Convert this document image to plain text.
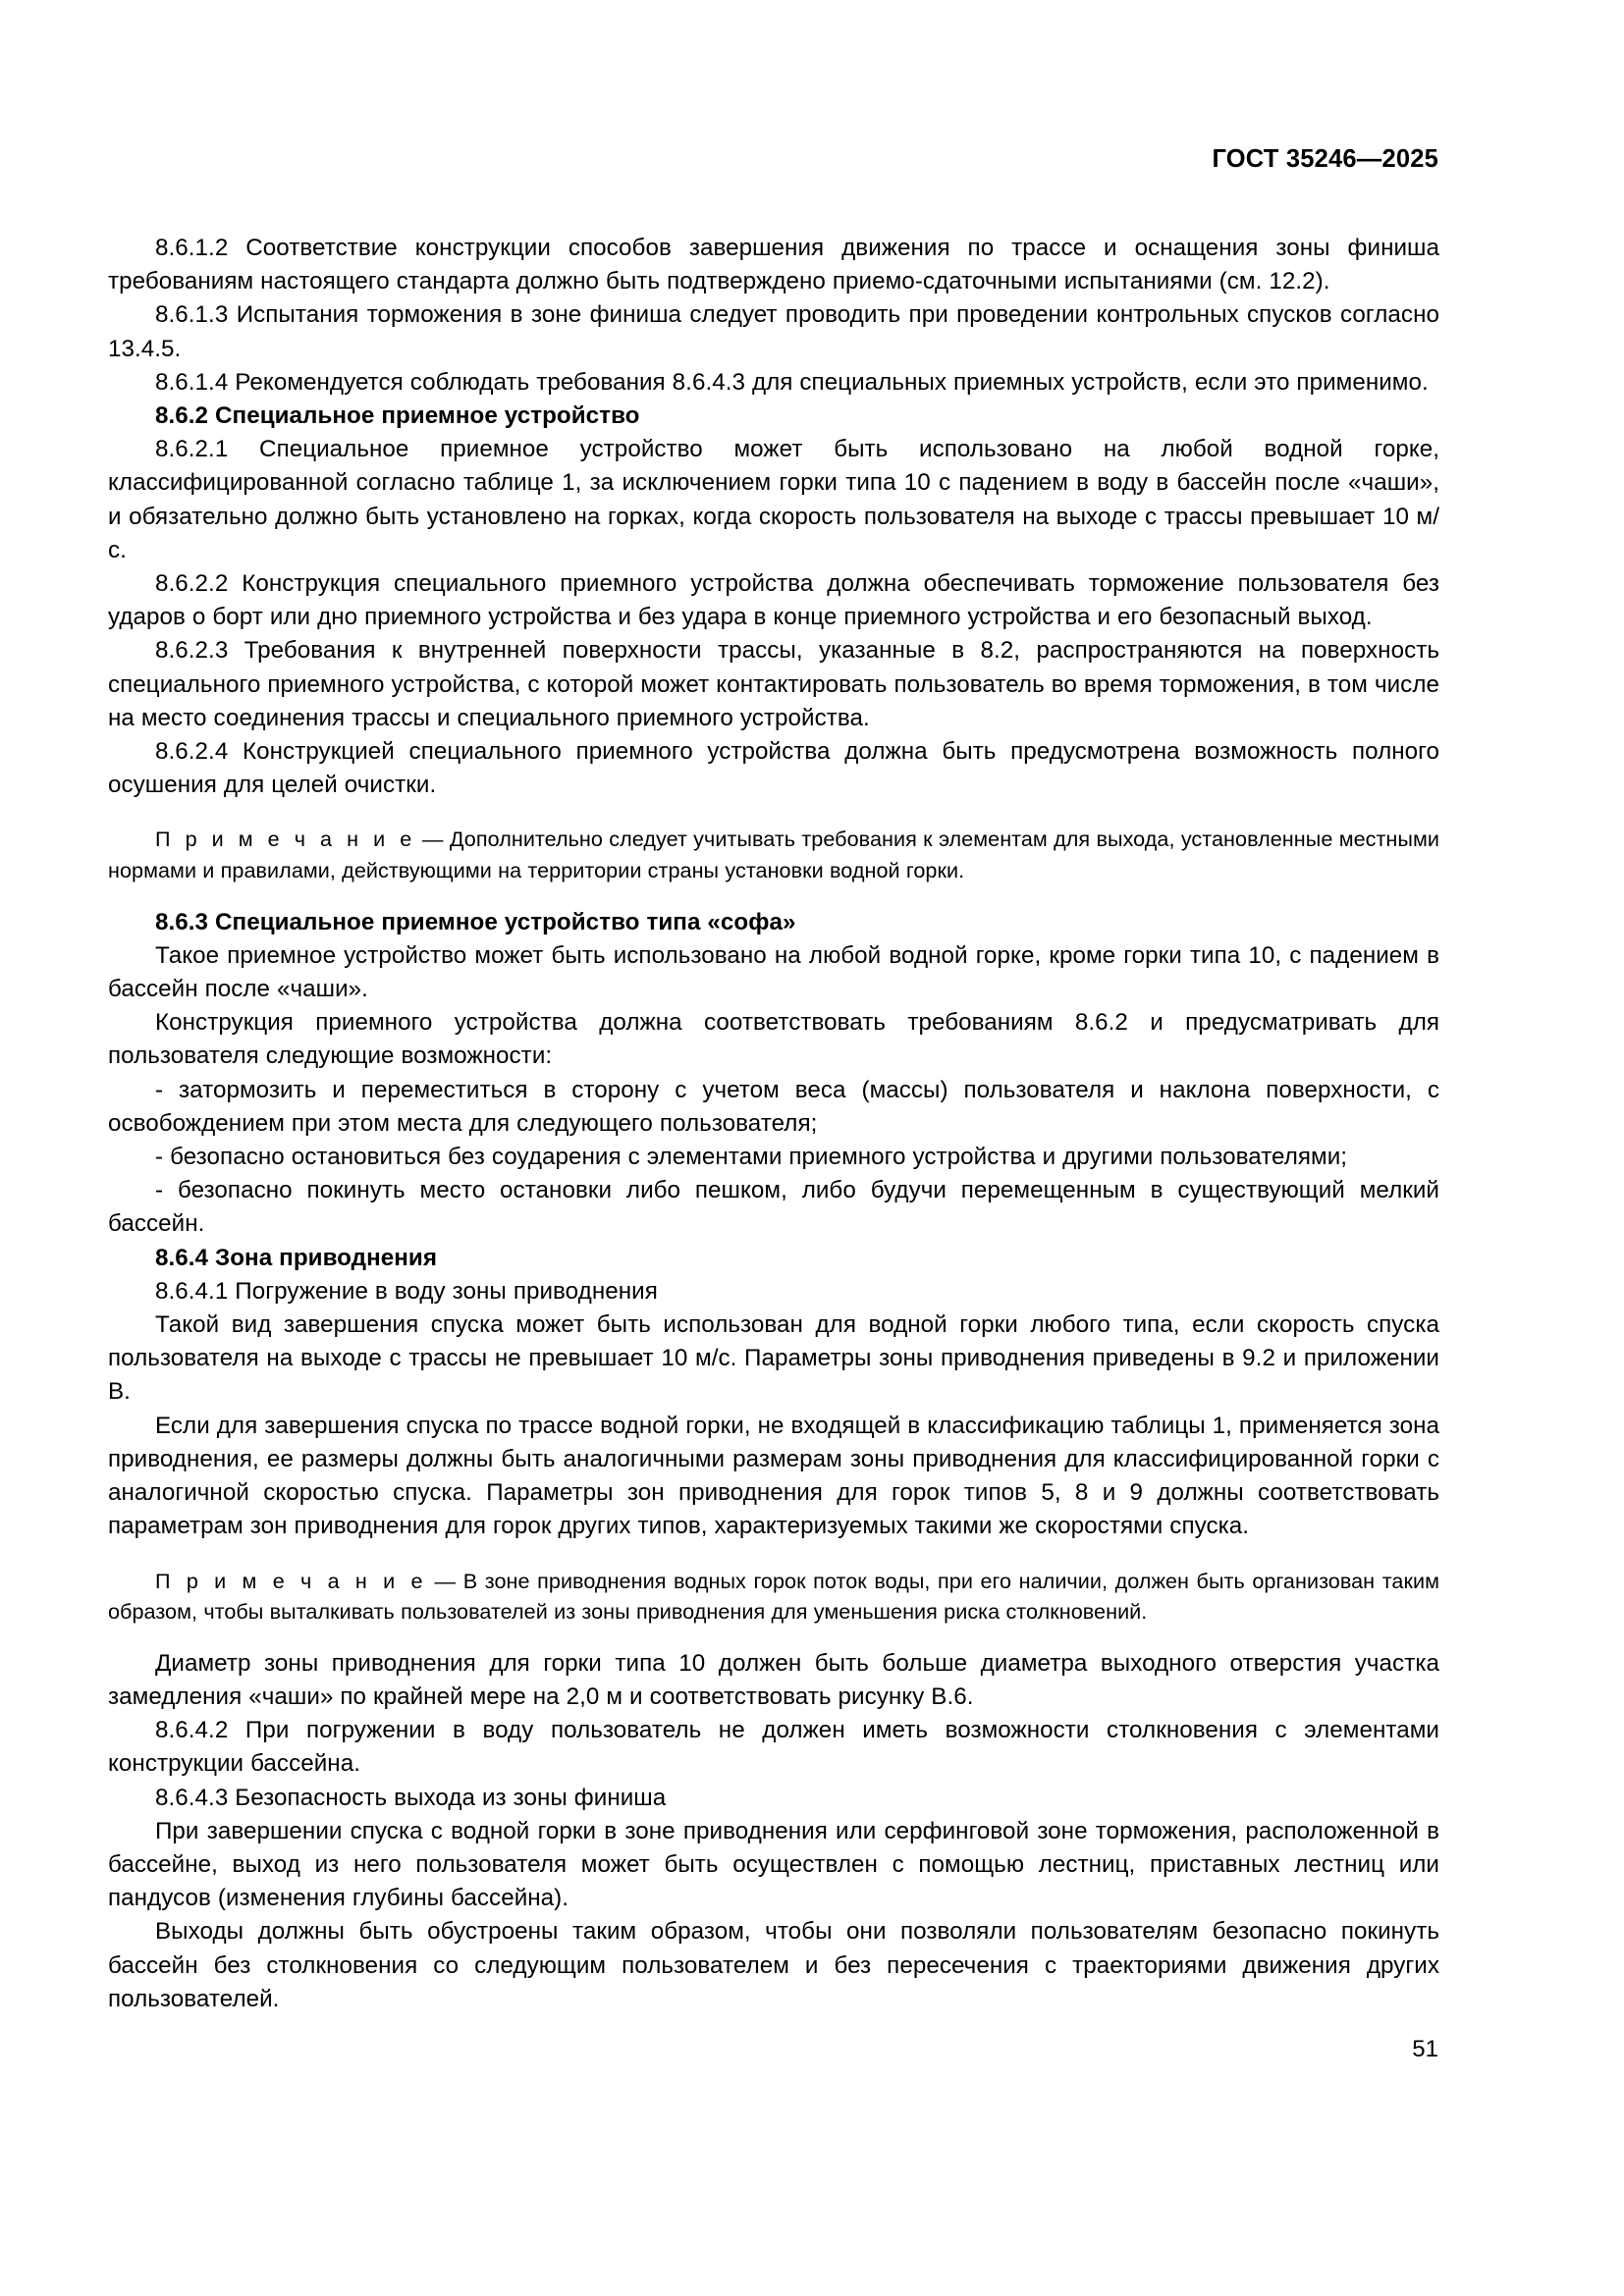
ГОСТ 35246—2025

8.6.1.2 Соответствие конструкции способов завершения движения по трассе и оснащения зоны финиша требованиям настоящего стандарта должно быть подтверждено приемо-сдаточными испытаниями (см. 12.2).

8.6.1.3 Испытания торможения в зоне финиша следует проводить при проведении контрольных спусков согласно 13.4.5.

8.6.1.4 Рекомендуется соблюдать требования 8.6.4.3 для специальных приемных устройств, если это применимо.

8.6.2 Специальное приемное устройство

8.6.2.1 Специальное приемное устройство может быть использовано на любой водной горке, классифицированной согласно таблице 1, за исключением горки типа 10 с падением в воду в бассейн после «чаши», и обязательно должно быть установлено на горках, когда скорость пользователя на выходе с трассы превышает 10 м/с.

8.6.2.2 Конструкция специального приемного устройства должна обеспечивать торможение пользователя без ударов о борт или дно приемного устройства и без удара в конце приемного устройства и его безопасный выход.

8.6.2.3 Требования к внутренней поверхности трассы, указанные в 8.2, распространяются на поверхность специального приемного устройства, с которой может контактировать пользователь во время торможения, в том числе на место соединения трассы и специального приемного устройства.

8.6.2.4 Конструкцией специального приемного устройства должна быть предусмотрена возможность полного осушения для целей очистки.

П р и м е ч а н и е — Дополнительно следует учитывать требования к элементам для выхода, установленные местными нормами и правилами, действующими на территории страны установки водной горки.

8.6.3 Специальное приемное устройство типа «софа»

Такое приемное устройство может быть использовано на любой водной горке, кроме горки типа 10, с падением в бассейн после «чаши».

Конструкция приемного устройства должна соответствовать требованиям 8.6.2 и предусматривать для пользователя следующие возможности:

- затормозить и переместиться в сторону с учетом веса (массы) пользователя и наклона поверхности, с освобождением при этом места для следующего пользователя;

- безопасно остановиться без соударения с элементами приемного устройства и другими пользователями;

- безопасно покинуть место остановки либо пешком, либо будучи перемещенным в существующий мелкий бассейн.

8.6.4 Зона приводнения

8.6.4.1 Погружение в воду зоны приводнения

Такой вид завершения спуска может быть использован для водной горки любого типа, если скорость спуска пользователя на выходе с трассы не превышает 10 м/с. Параметры зоны приводнения приведены в 9.2 и приложении В.

Если для завершения спуска по трассе водной горки, не входящей в классификацию таблицы 1, применяется зона приводнения, ее размеры должны быть аналогичными размерам зоны приводнения для классифицированной горки с аналогичной скоростью спуска. Параметры зон приводнения для горок типов 5, 8 и 9 должны соответствовать параметрам зон приводнения для горок других типов, характеризуемых такими же скоростями спуска.

П р и м е ч а н и е — В зоне приводнения водных горок поток воды, при его наличии, должен быть организован таким образом, чтобы выталкивать пользователей из зоны приводнения для уменьшения риска столкновений.

Диаметр зоны приводнения для горки типа 10 должен быть больше диаметра выходного отверстия участка замедления «чаши» по крайней мере на 2,0 м и соответствовать рисунку В.6.

8.6.4.2 При погружении в воду пользователь не должен иметь возможности столкновения с элементами конструкции бассейна.

8.6.4.3 Безопасность выхода из зоны финиша

При завершении спуска с водной горки в зоне приводнения или серфинговой зоне торможения, расположенной в бассейне, выход из него пользователя может быть осуществлен с помощью лестниц, приставных лестниц или пандусов (изменения глубины бассейна).

Выходы должны быть обустроены таким образом, чтобы они позволяли пользователям безопасно покинуть бассейн без столкновения со следующим пользователем и без пересечения с траекториями движения других пользователей.

51
